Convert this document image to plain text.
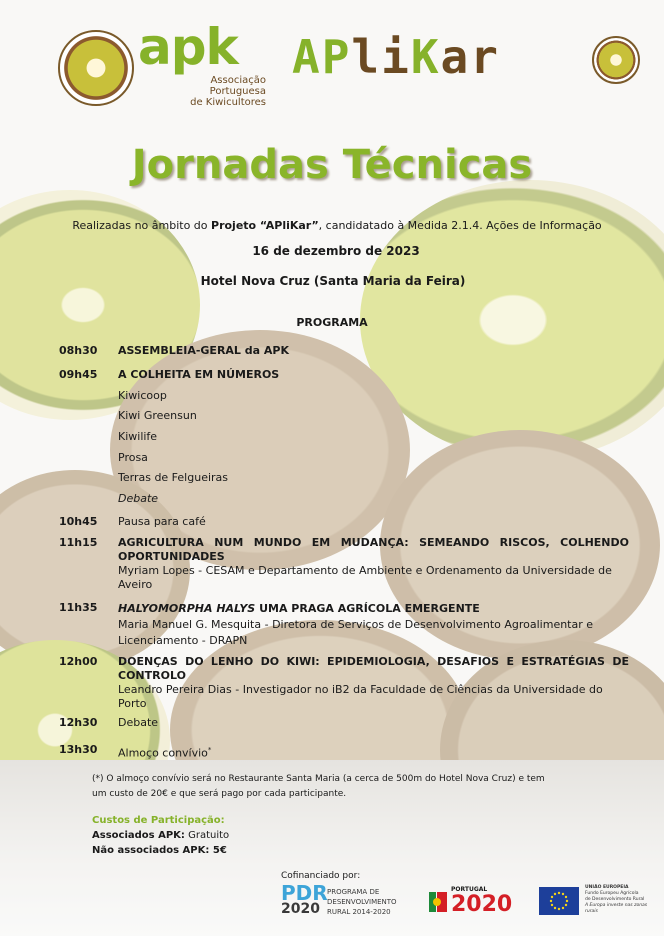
apk
Associação
Portuguesa
de Kiwicultores
APliKar
Jornadas Técnicas
Realizadas no âmbito do Projeto “APliKar”, candidatado à Medida 2.1.4. Ações de Informação
16 de dezembro de 2023
Hotel Nova Cruz (Santa Maria da Feira)
PROGRAMA
08h30 ASSEMBLEIA-GERAL da APK
09h45 A COLHEITA EM NÚMEROS
Kiwicoop
Kiwi Greensun
Kiwilife
Prosa
Terras de Felgueiras
Debate
10h45 Pausa para café
11h15 AGRICULTURA NUM MUNDO EM MUDANÇA: SEMEANDO RISCOS, COLHENDO OPORTUNIDADES
Myriam Lopes - CESAM e Departamento de Ambiente e Ordenamento da Universidade de Aveiro
11h35 HALYOMORPHA HALYS UMA PRAGA AGRÍCOLA EMERGENTE
Maria Manuel G. Mesquita - Diretora de Serviços de Desenvolvimento Agroalimentar e Licenciamento - DRAPN
12h00 DOENÇAS DO LENHO DO KIWI: EPIDEMIOLOGIA, DESAFIOS E ESTRATÉGIAS DE CONTROLO
Leandro Pereira Dias - Investigador no iB2 da Faculdade de Ciências da Universidade do Porto
12h30 Debate
13h30 Almoço convívio*
(*) O almoço convívio será no Restaurante Santa Maria (a cerca de 500m do Hotel Nova Cruz) e tem um custo de 20€ e que será pago por cada participante.
Custos de Participação:
Associados APK: Gratuito
Não associados APK: 5€
Cofinanciado por:
PDR
2020
PROGRAMA DE
DESENVOLVIMENTO
RURAL 2014-2020
PORTUGAL
2020
UNIÃO EUROPEIA
Fundo Europeu Agrícola
de Desenvolvimento Rural
A Europa investe nas zonas rurais
